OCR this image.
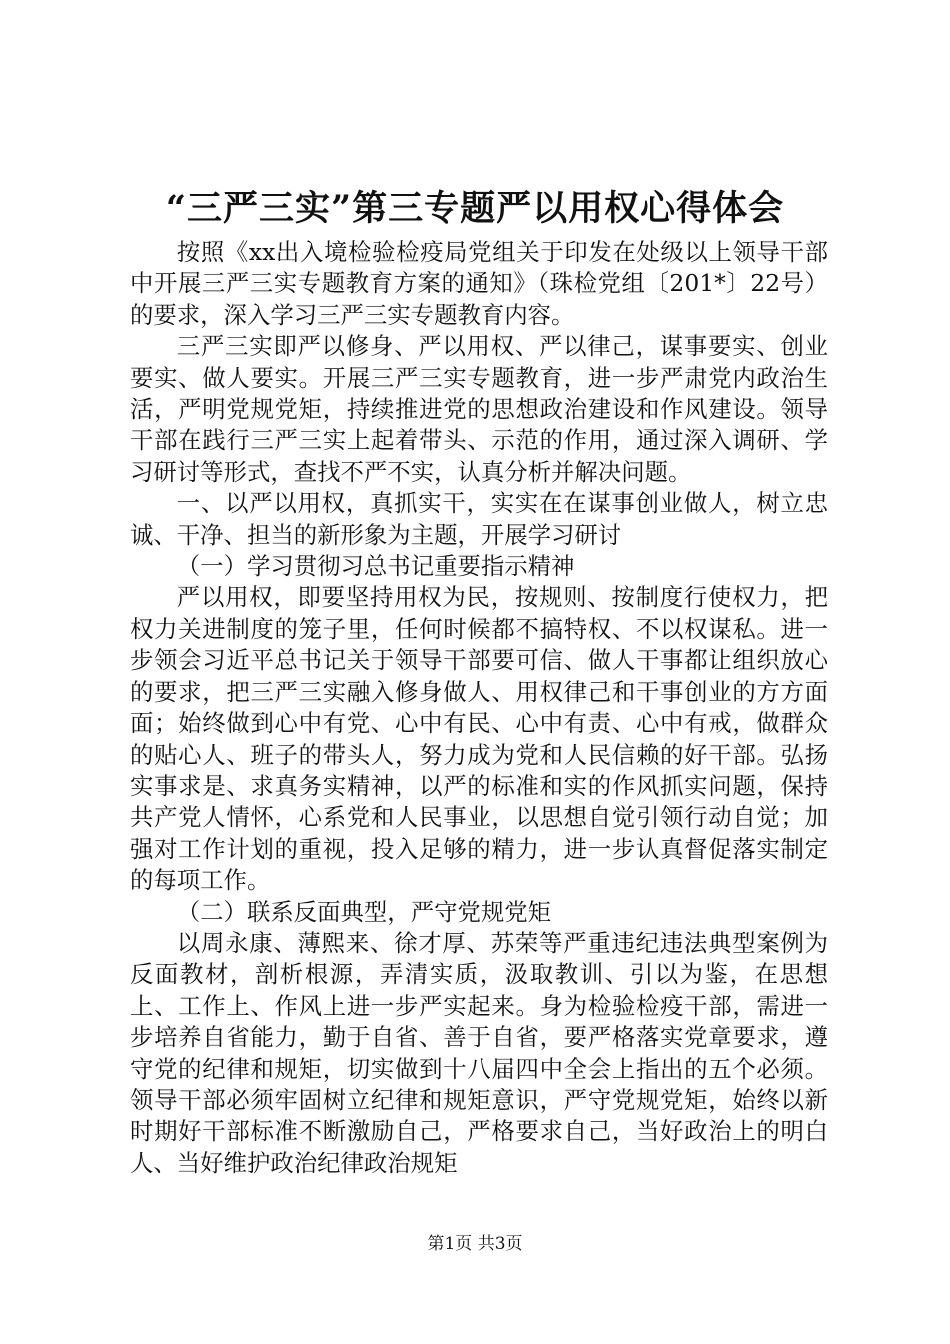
“三严三实”第三专题严以用权心得体会

按照《xx出入境检验检疫局党组关于印发在处级以上领导干部中开展三严三实专题教育方案的通知》（珠检党组〔201*〕22号）的要求，深入学习三严三实专题教育内容。

三严三实即严以修身、严以用权、严以律己，谋事要实、创业要实、做人要实。开展三严三实专题教育，进一步严肃党内政治生活，严明党规党矩，持续推进党的思想政治建设和作风建设。领导干部在践行三严三实上起着带头、示范的作用，通过深入调研、学习研讨等形式，查找不严不实，认真分析并解决问题。

一、以严以用权，真抓实干，实实在在谋事创业做人，树立忠诚、干净、担当的新形象为主题，开展学习研讨

（一）学习贯彻习总书记重要指示精神

严以用权，即要坚持用权为民，按规则、按制度行使权力，把权力关进制度的笼子里，任何时候都不搞特权、不以权谋私。进一步领会习近平总书记关于领导干部要可信、做人干事都让组织放心的要求，把三严三实融入修身做人、用权律己和干事创业的方方面面；始终做到心中有党、心中有民、心中有责、心中有戒，做群众的贴心人、班子的带头人，努力成为党和人民信赖的好干部。弘扬实事求是、求真务实精神，以严的标准和实的作风抓实问题，保持共产党人情怀，心系党和人民事业，以思想自觉引领行动自觉；加强对工作计划的重视，投入足够的精力，进一步认真督促落实制定的每项工作。

（二）联系反面典型，严守党规党矩

以周永康、薄熙来、徐才厚、苏荣等严重违纪违法典型案例为反面教材，剖析根源，弄清实质，汲取教训、引以为鉴，在思想上、工作上、作风上进一步严实起来。身为检验检疫干部，需进一步培养自省能力，勤于自省、善于自省，要严格落实党章要求，遵守党的纪律和规矩，切实做到十八届四中全会上指出的五个必须。领导干部必须牢固树立纪律和规矩意识，严守党规党矩，始终以新时期好干部标准不断激励自己，严格要求自己，当好政治上的明白人、当好维护政治纪律政治规矩

第1页 共3页
